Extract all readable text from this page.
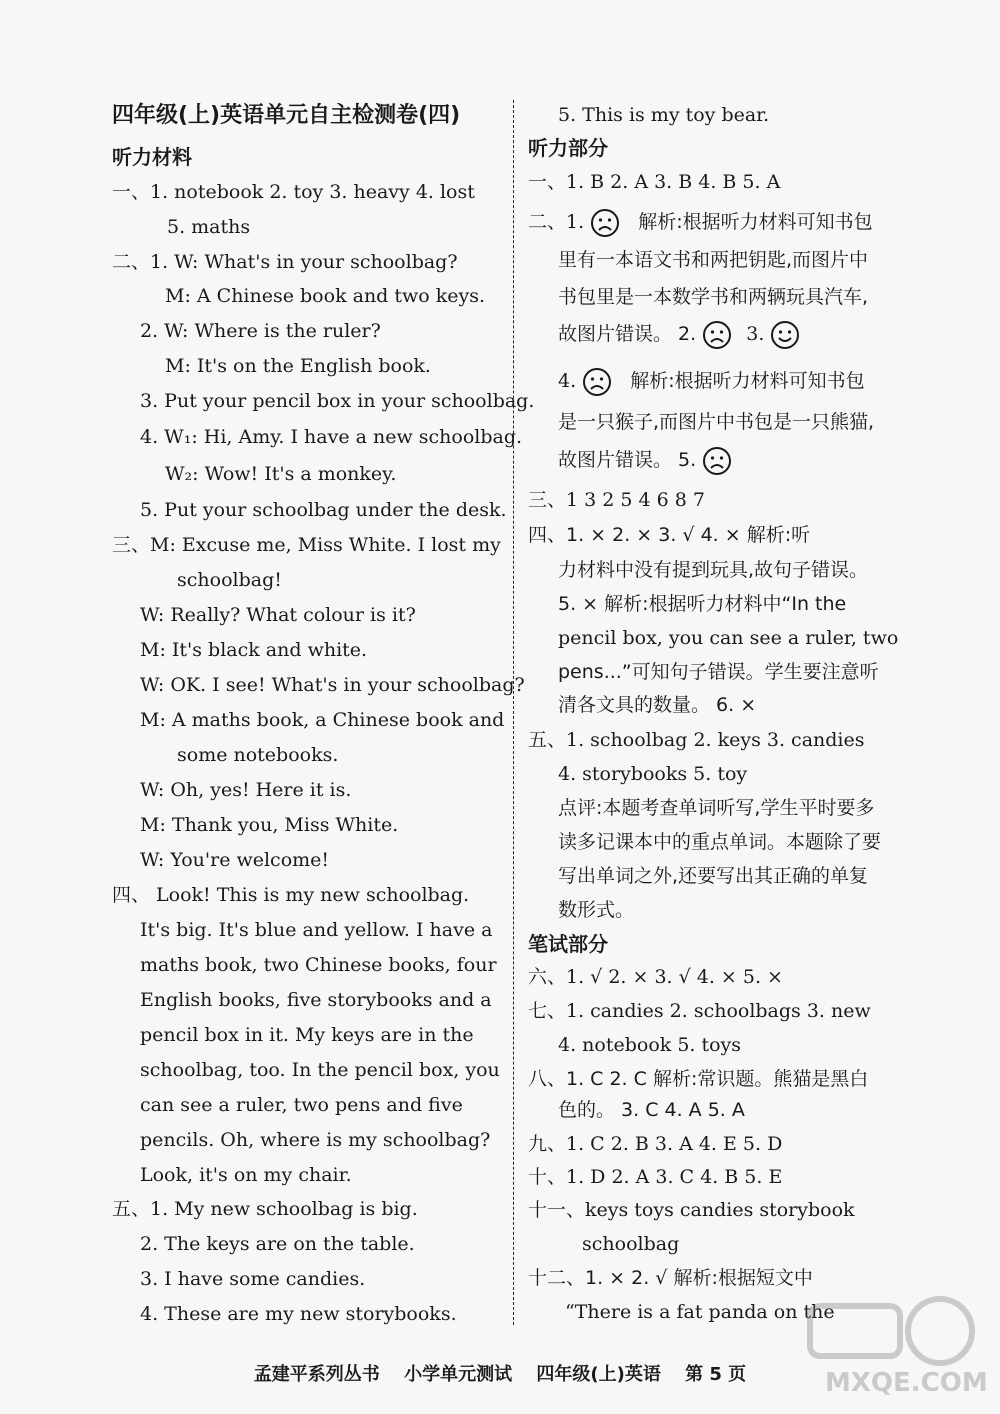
四年级(上)英语单元自主检测卷(四)
听力材料
一、1. notebook 2. toy 3. heavy 4. lost
5. maths
二、1. W: What's in your schoolbag?
M: A Chinese book and two keys.
2. W: Where is the ruler?
M: It's on the English book.
3. Put your pencil box in your schoolbag.
4. W₁: Hi, Amy. I have a new schoolbag.
W₂: Wow! It's a monkey.
5. Put your schoolbag under the desk.
三、M: Excuse me, Miss White. I lost my
schoolbag!
W: Really? What colour is it?
M: It's black and white.
W: OK. I see! What's in your schoolbag?
M: A maths book, a Chinese book and
some notebooks.
W: Oh, yes! Here it is.
M: Thank you, Miss White.
W: You're welcome!
四、 Look! This is my new schoolbag.
It's big. It's blue and yellow. I have a
maths book, two Chinese books, four
English books, five storybooks and a
pencil box in it. My keys are in the
schoolbag, too. In the pencil box, you
can see a ruler, two pens and five
pencils. Oh, where is my schoolbag?
Look, it's on my chair.
五、1. My new schoolbag is big.
2. The keys are on the table.
3. I have some candies.
4. These are my new storybooks.
5. This is my toy bear.
听力部分
一、1. B 2. A 3. B 4. B 5. A
二、1.	解析:根据听力材料可知书包
里有一本语文书和两把钥匙,而图片中
书包里是一本数学书和两辆玩具汽车,
故图片错误。 2.	3.
4.	解析:根据听力材料可知书包
是一只猴子,而图片中书包是一只熊猫,
故图片错误。 5.
三、1 3 2 5 4 6 8 7
四、1. × 2. × 3. √ 4. × 解析:听
力材料中没有提到玩具,故句子错误。
5. × 解析:根据听力材料中“In the
pencil box, you can see a ruler, two
pens...”可知句子错误。学生要注意听
清各文具的数量。 6. ×
五、1. schoolbag 2. keys 3. candies
4. storybooks 5. toy
点评:本题考查单词听写,学生平时要多
读多记课本中的重点单词。本题除了要
写出单词之外,还要写出其正确的单复
数形式。
笔试部分
六、1. √ 2. × 3. √ 4. × 5. ×
七、1. candies 2. schoolbags 3. new
4. notebook 5. toys
八、1. C 2. C 解析:常识题。熊猫是黑白
色的。 3. C 4. A 5. A
九、1. C 2. B 3. A 4. E 5. D
十、1. D 2. A 3. C 4. B 5. E
十一、keys toys candies storybook
schoolbag
十二、1. × 2. √ 解析:根据短文中
“There is a fat panda on the
孟建平系列丛书 小学单元测试 四年级(上)英语 第 5 页	MXQE.COM
